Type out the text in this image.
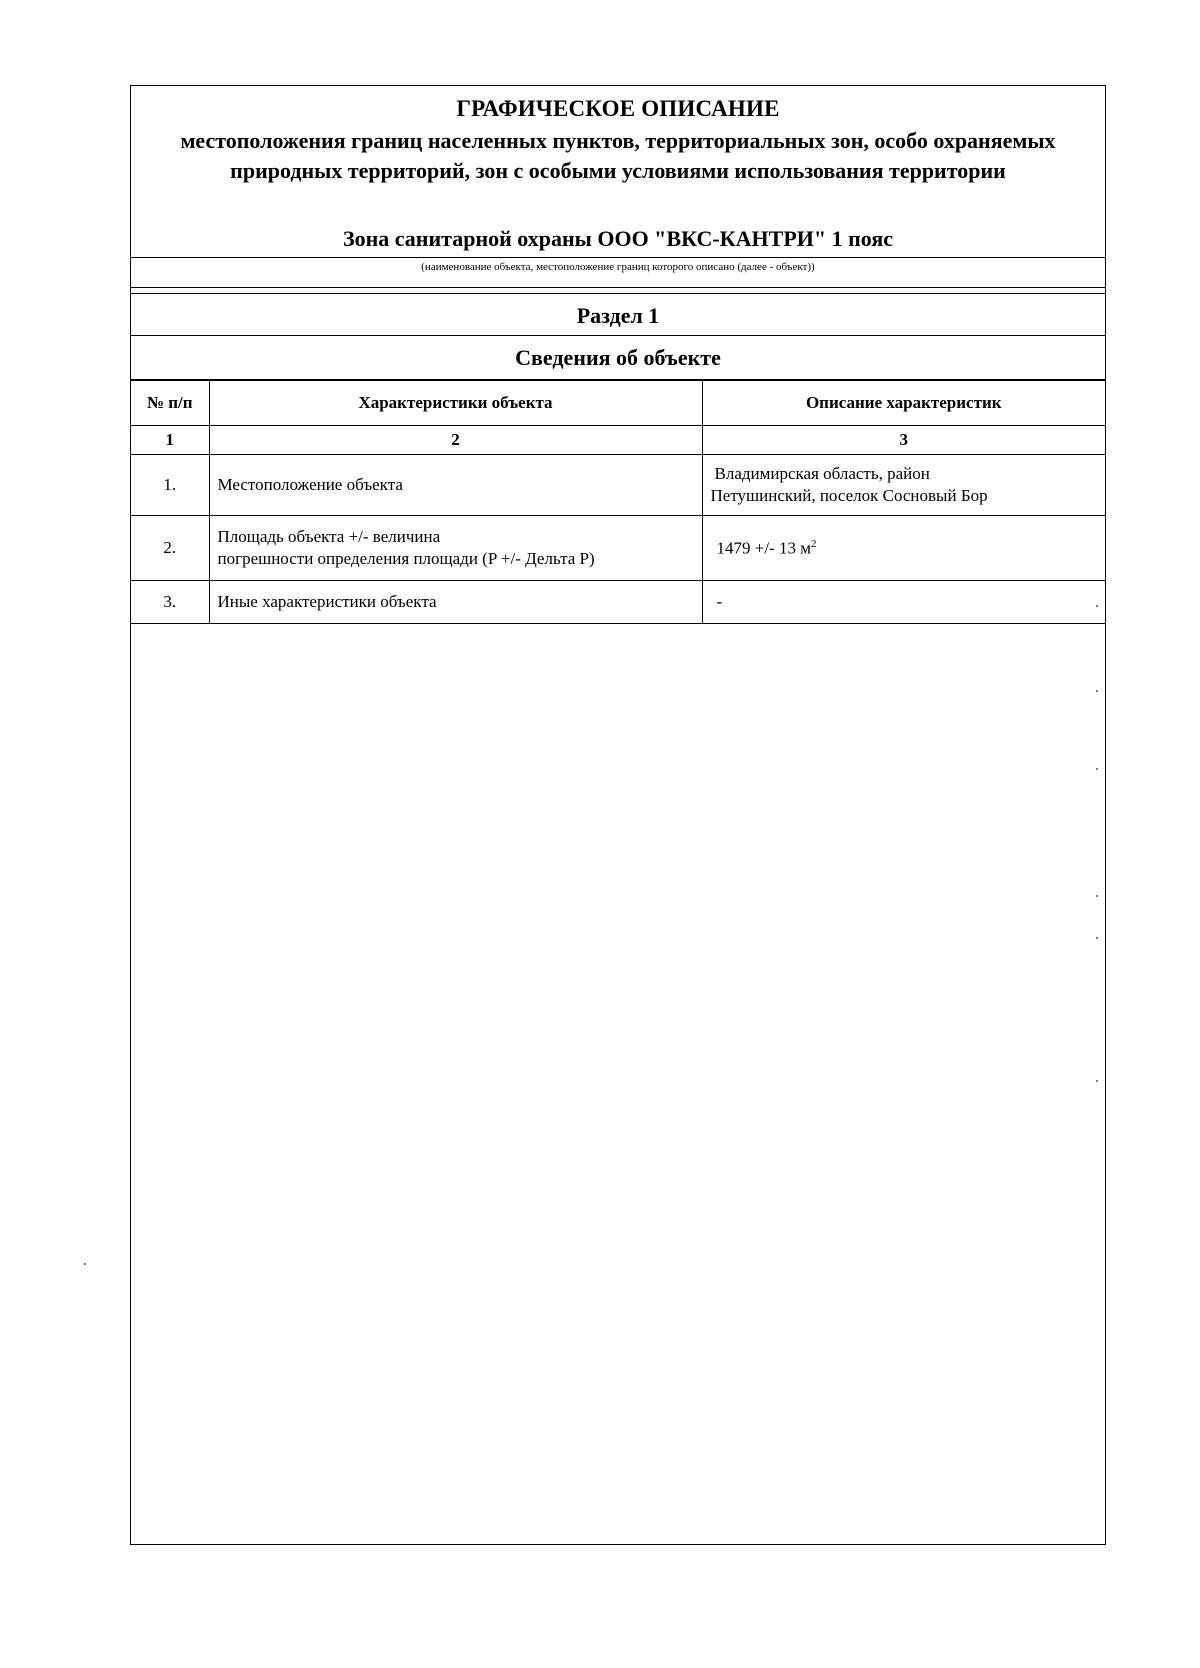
ГРАФИЧЕСКОЕ ОПИСАНИЕ
местоположения границ населенных пунктов, территориальных зон, особо охраняемых природных территорий, зон с особыми условиями использования территории
Зона санитарной охраны ООО "ВКС-КАНТРИ" 1 пояс
(наименование объекта, местоположение границ которого описано (далее - объект))
Раздел 1
Сведения об объекте
№ п/п	Характеристики объекта	Описание характеристик
1	2	3
1.	Местоположение объекта	Владимирская область, район
Петушинский, поселок Сосновый Бор

2.	Площадь объекта +/- величина
погрешности определения площади (P +/- Дельта P)	1479 +/- 13 $м^2$
3.	Иные характеристики объекта	-
